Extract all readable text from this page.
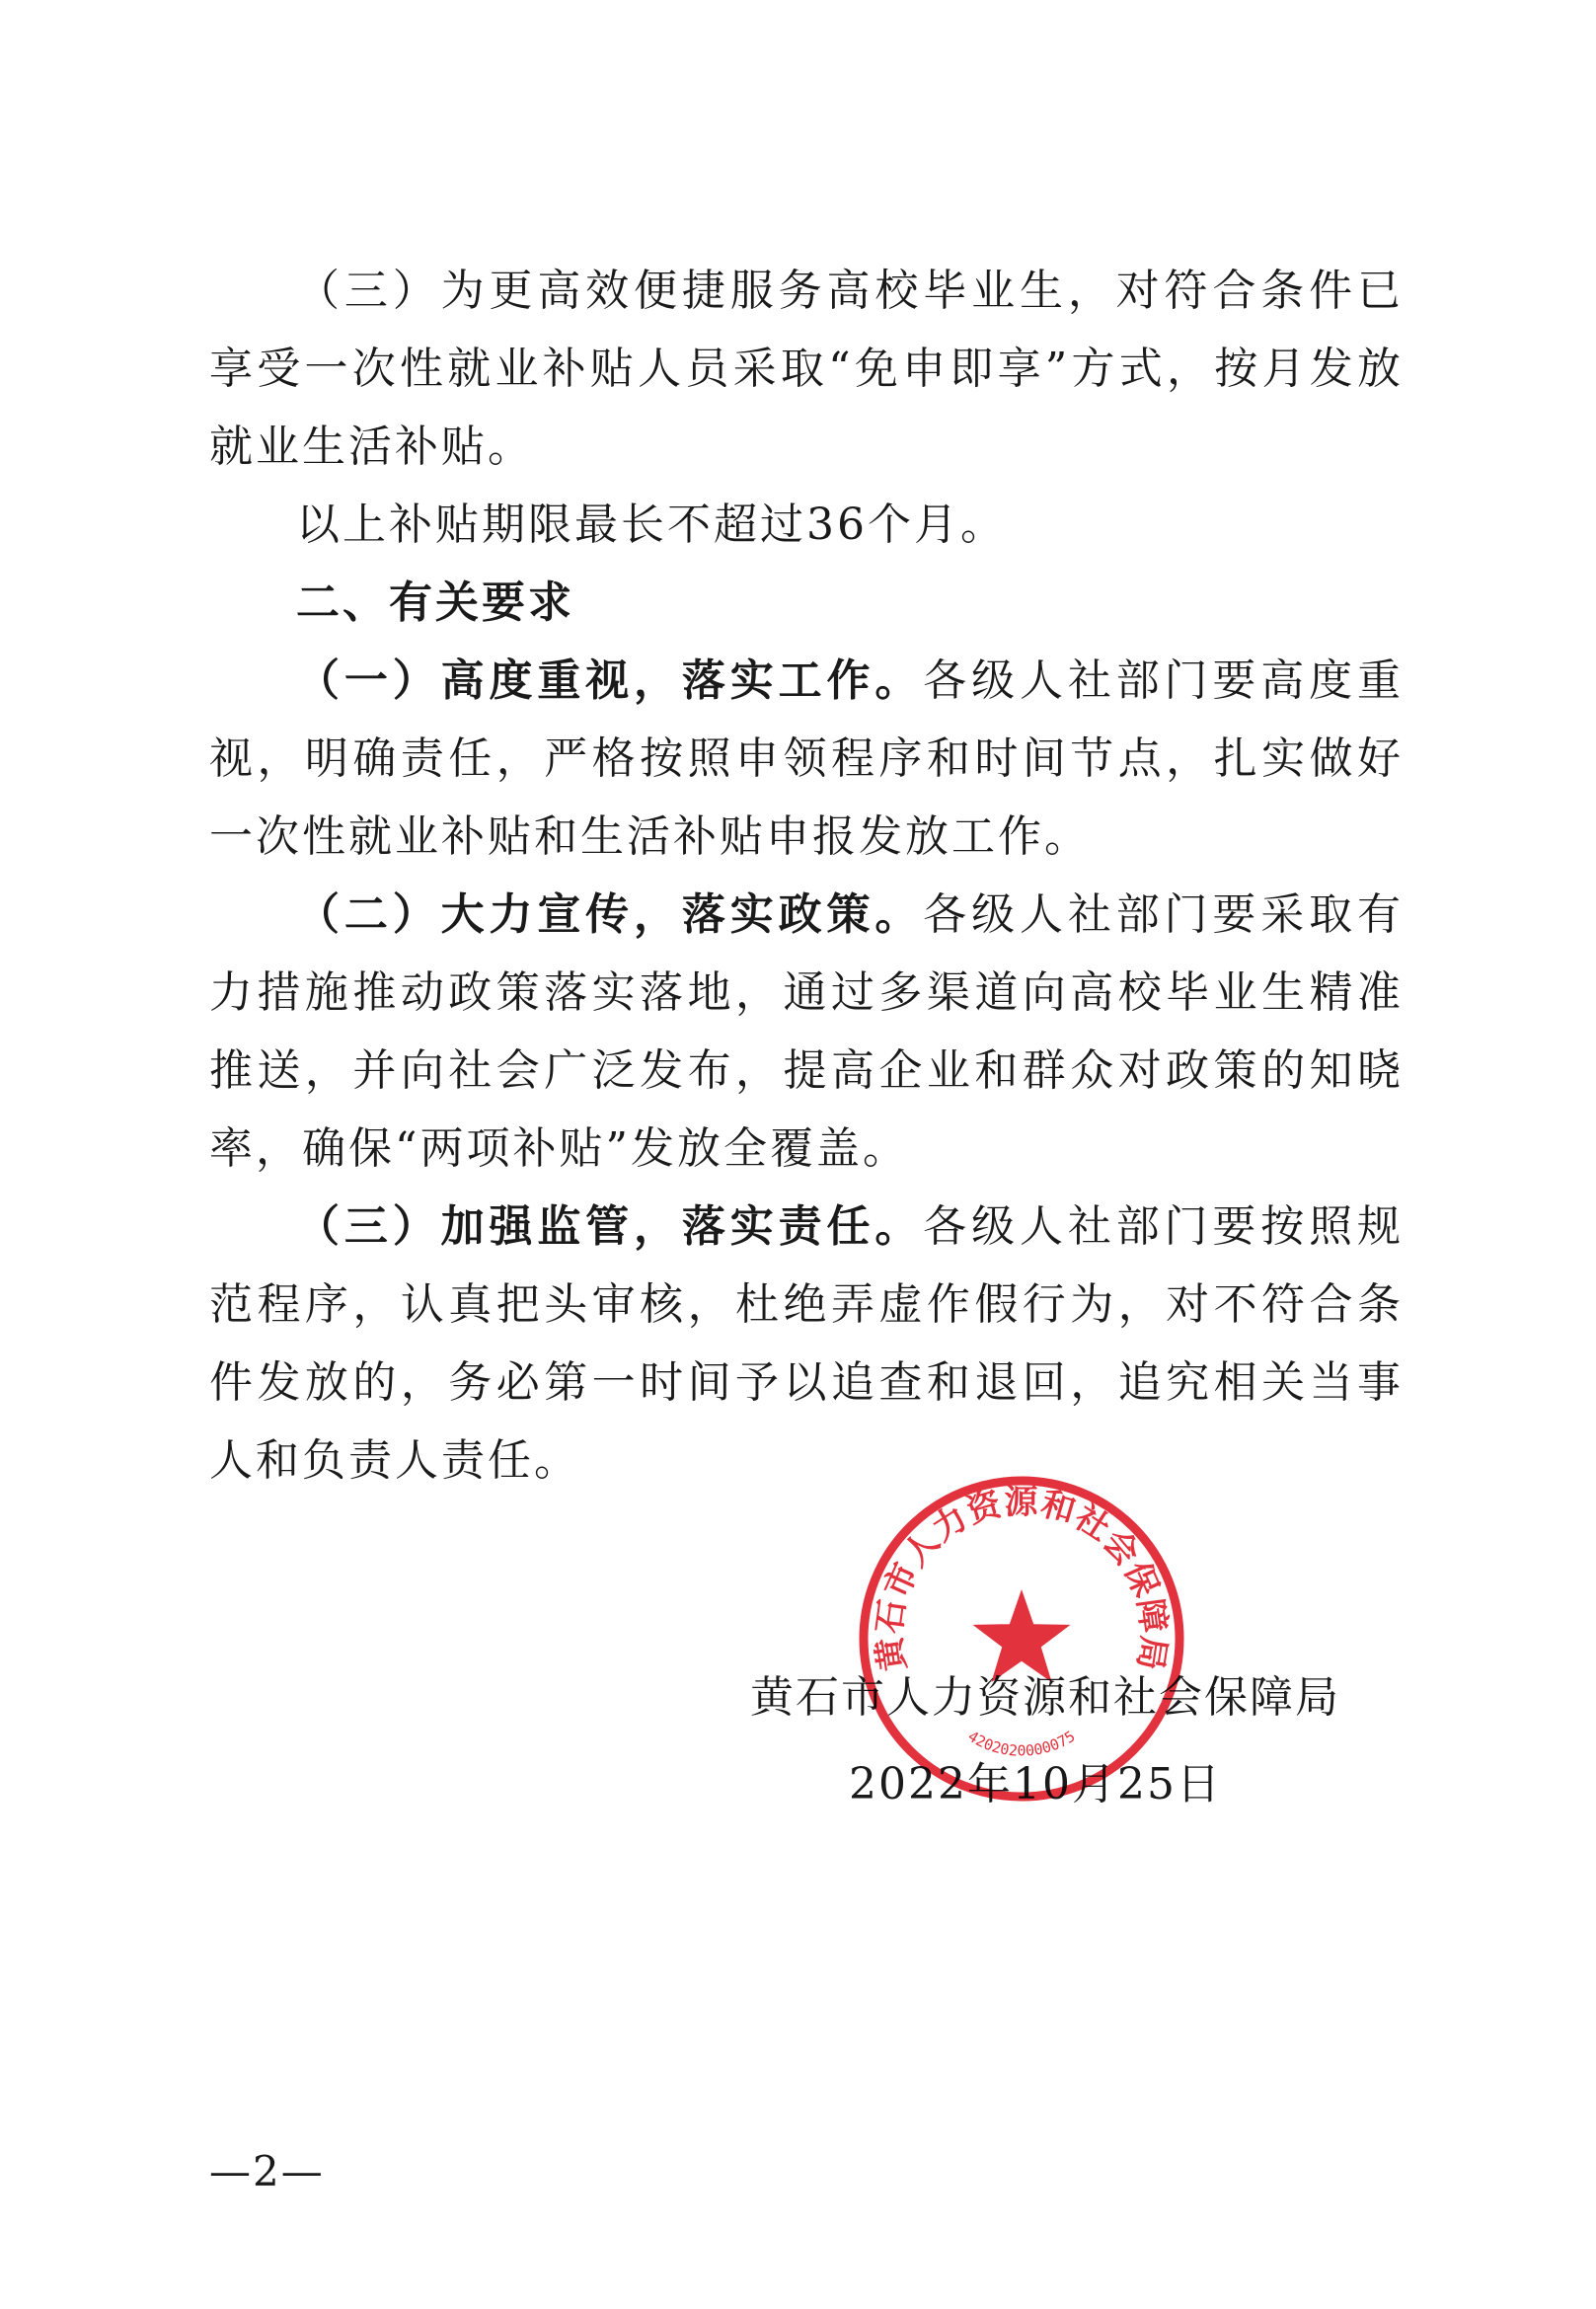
（三）为更高效便捷服务高校毕业生，对符合条件已享受一次性就业补贴人员采取“免申即享”方式，按月发放就业生活补贴。

以上补贴期限最长不超过36个月。

二、有关要求

（一）高度重视，落实工作。各级人社部门要高度重视，明确责任，严格按照申领程序和时间节点，扎实做好一次性就业补贴和生活补贴申报发放工作。

（二）大力宣传，落实政策。各级人社部门要采取有力措施推动政策落实落地，通过多渠道向高校毕业生精准推送，并向社会广泛发布，提高企业和群众对政策的知晓率，确保“两项补贴”发放全覆盖。

（三）加强监管，落实责任。各级人社部门要按照规范程序，认真把头审核，杜绝弄虚作假行为，对不符合条件发放的，务必第一时间予以追查和退回，追究相关当事人和负责人责任。

黄石市人力资源和社会保障局
2022年10月25日
黄石市人力资源和社会保障局
4202020000075
—2—
